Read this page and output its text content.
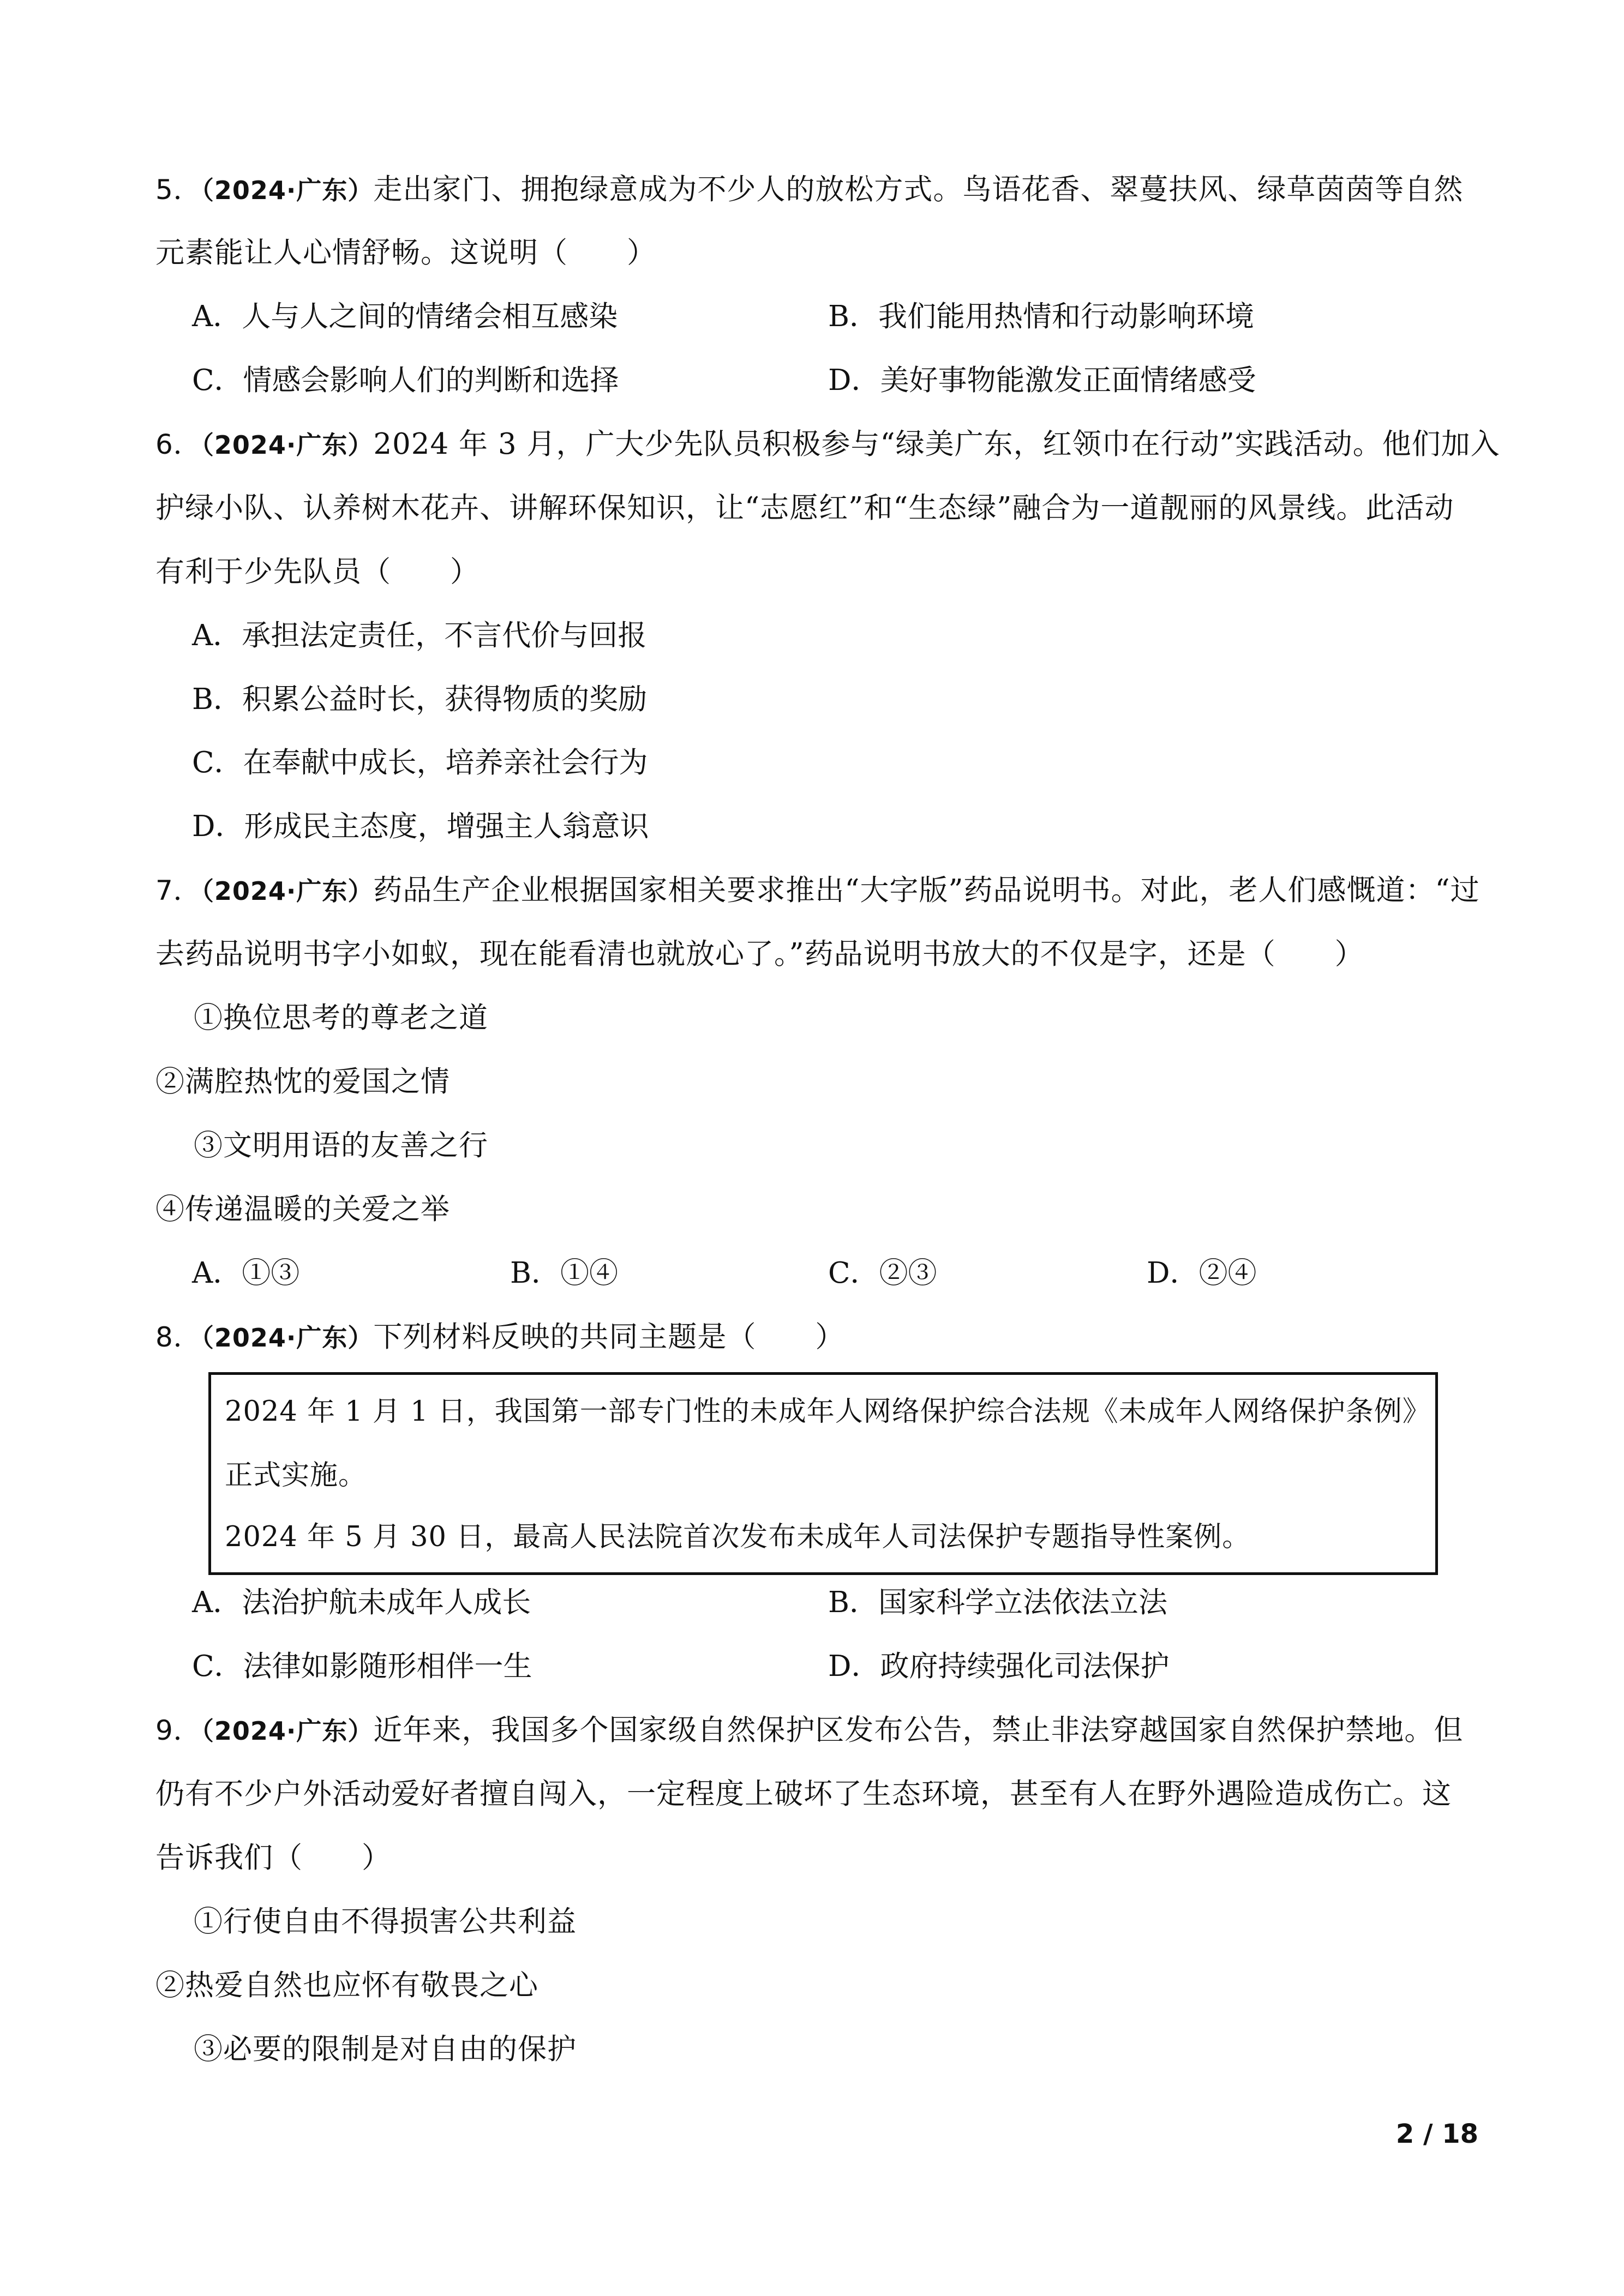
5．（2024·广东）走出家门、拥抱绿意成为不少人的放松方式。鸟语花香、翠蔓扶风、绿草茵茵等自然
元素能让人心情舒畅。这说明（　　）
A．人与人之间的情绪会相互感染	B．我们能用热情和行动影响环境
C．情感会影响人们的判断和选择	D．美好事物能激发正面情绪感受
6．（2024·广东）2024 年 3 月，广大少先队员积极参与“绿美广东，红领巾在行动”实践活动。他们加入
护绿小队、认养树木花卉、讲解环保知识，让“志愿红”和“生态绿”融合为一道靓丽的风景线。此活动
有利于少先队员（　　）
A．承担法定责任，不言代价与回报
B．积累公益时长，获得物质的奖励
C．在奉献中成长，培养亲社会行为
D．形成民主态度，增强主人翁意识
7．（2024·广东）药品生产企业根据国家相关要求推出“大字版”药品说明书。对此，老人们感慨道：“过
去药品说明书字小如蚁，现在能看清也就放心了。”药品说明书放大的不仅是字，还是（　　）
①换位思考的尊老之道
②满腔热忱的爱国之情
③文明用语的友善之行
④传递温暖的关爱之举
A．①③	B．①④	C．②③	D．②④
8．（2024·广东）下列材料反映的共同主题是（　　）
2024 年 1 月 1 日，我国第一部专门性的未成年人网络保护综合法规《未成年人网络保护条例》
正式实施。
2024 年 5 月 30 日，最高人民法院首次发布未成年人司法保护专题指导性案例。
A．法治护航未成年人成长	B．国家科学立法依法立法
C．法律如影随形相伴一生	D．政府持续强化司法保护
9．（2024·广东）近年来，我国多个国家级自然保护区发布公告，禁止非法穿越国家自然保护禁地。但
仍有不少户外活动爱好者擅自闯入，一定程度上破坏了生态环境，甚至有人在野外遇险造成伤亡。这
告诉我们（　　）
①行使自由不得损害公共利益
②热爱自然也应怀有敬畏之心
③必要的限制是对自由的保护
2 / 18
